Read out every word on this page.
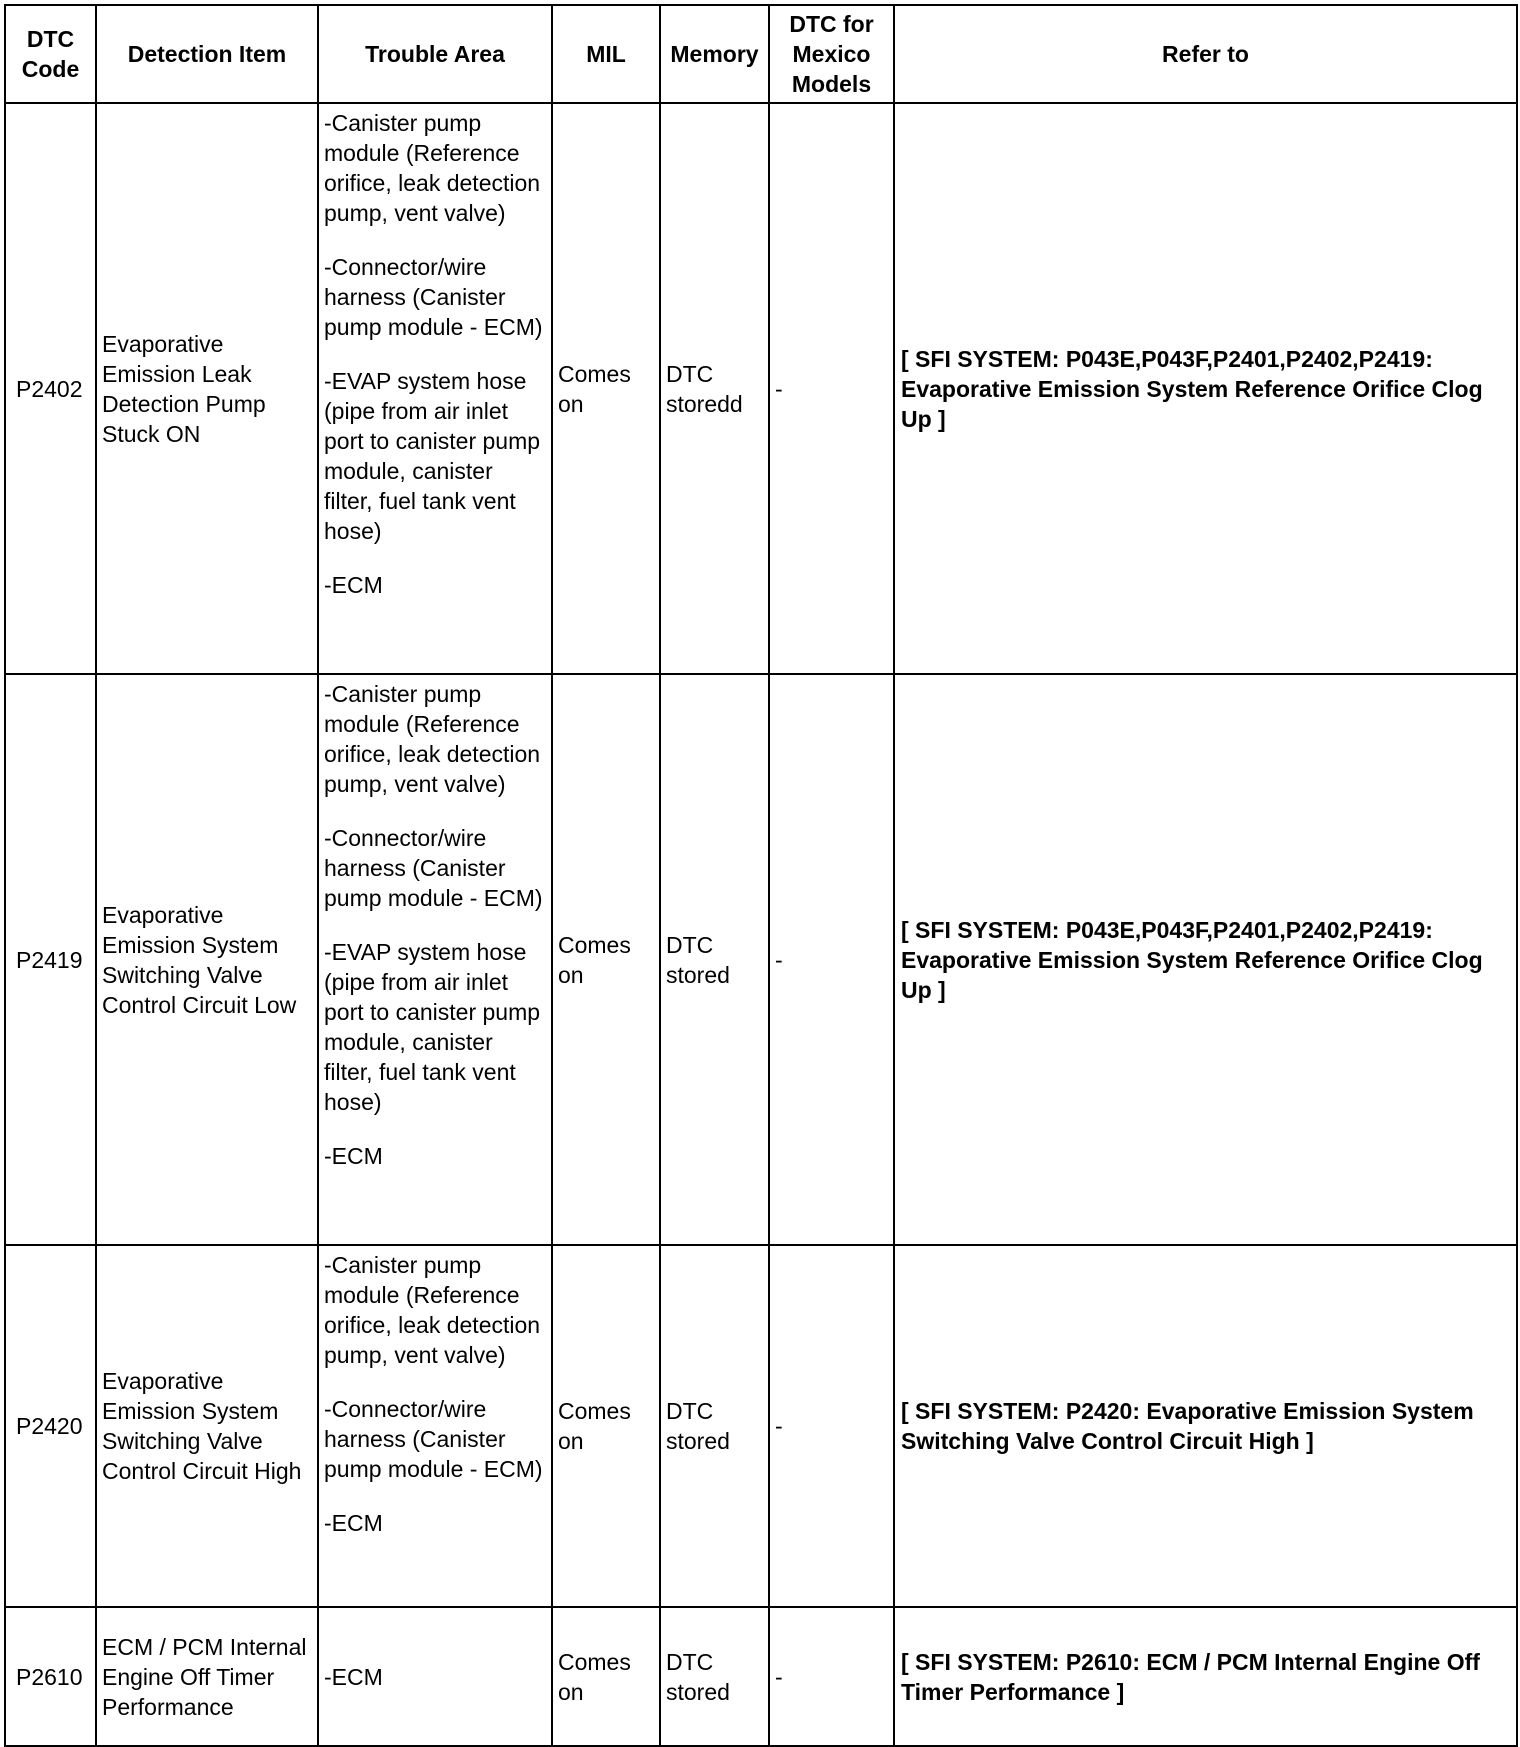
DTC Code	Detection Item	Trouble Area	MIL	Memory	DTC for Mexico Models	Refer to
P2402	Evaporative Emission Leak Detection Pump Stuck ON	-Canister pump module (Reference orifice, leak detection pump, vent valve)

-Connector/wire harness (Canister pump module - ECM)

-EVAP system hose (pipe from air inlet port to canister pump module, canister filter, fuel tank vent hose)

-ECM	Comes on	DTC storedd	-	[ SFI SYSTEM: P043E,P043F,P2401,P2402,P2419: Evaporative Emission System Reference Orifice Clog Up ]
P2419	Evaporative Emission System Switching Valve Control Circuit Low	-Canister pump module (Reference orifice, leak detection pump, vent valve)

-Connector/wire harness (Canister pump module - ECM)

-EVAP system hose (pipe from air inlet port to canister pump module, canister filter, fuel tank vent hose)

-ECM	Comes on	DTC stored	-	[ SFI SYSTEM: P043E,P043F,P2401,P2402,P2419: Evaporative Emission System Reference Orifice Clog Up ]
P2420	Evaporative Emission System Switching Valve Control Circuit High	-Canister pump module (Reference orifice, leak detection pump, vent valve)

-Connector/wire harness (Canister pump module - ECM)

-ECM	Comes on	DTC stored	-	[ SFI SYSTEM: P2420: Evaporative Emission System Switching Valve Control Circuit High ]
P2610	ECM / PCM Internal Engine Off Timer Performance	-ECM	Comes on	DTC stored	-	[ SFI SYSTEM: P2610: ECM / PCM Internal Engine Off Timer Performance ]
